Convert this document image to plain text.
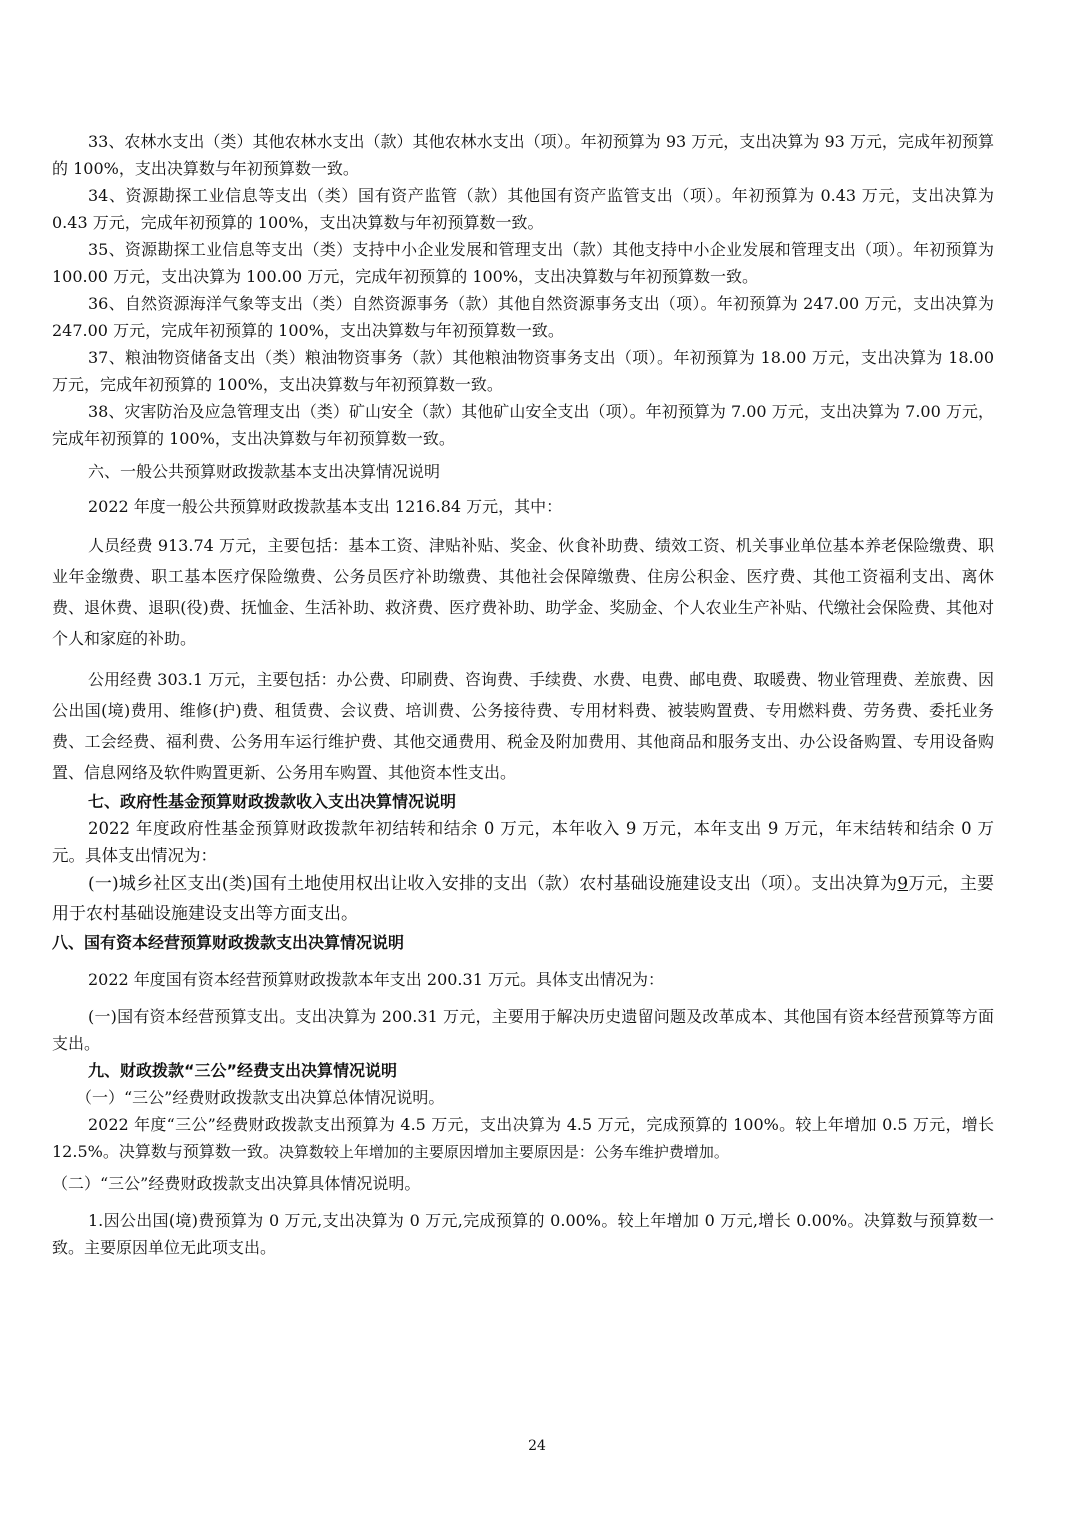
33、农林水支出（类）其他农林水支出（款）其他农林水支出（项）。年初预算为 93 万元，支出决算为 93 万元，完成年初预算的 100%，支出决算数与年初预算数一致。

34、资源勘探工业信息等支出（类）国有资产监管（款）其他国有资产监管支出（项）。年初预算为 0.43 万元，支出决算为 0.43 万元，完成年初预算的 100%，支出决算数与年初预算数一致。

35、资源勘探工业信息等支出（类）支持中小企业发展和管理支出（款）其他支持中小企业发展和管理支出（项）。年初预算为 100.00 万元，支出决算为 100.00 万元，完成年初预算的 100%，支出决算数与年初预算数一致。

36、自然资源海洋气象等支出（类）自然资源事务（款）其他自然资源事务支出（项）。年初预算为 247.00 万元，支出决算为 247.00 万元，完成年初预算的 100%，支出决算数与年初预算数一致。

37、粮油物资储备支出（类）粮油物资事务（款）其他粮油物资事务支出（项）。年初预算为 18.00 万元，支出决算为 18.00 万元，完成年初预算的 100%，支出决算数与年初预算数一致。

38、灾害防治及应急管理支出（类）矿山安全（款）其他矿山安全支出（项）。年初预算为 7.00 万元，支出决算为 7.00 万元，完成年初预算的 100%，支出决算数与年初预算数一致。

六、一般公共预算财政拨款基本支出决算情况说明

2022 年度一般公共预算财政拨款基本支出 1216.84 万元，其中：

人员经费 913.74 万元，主要包括：基本工资、津贴补贴、奖金、伙食补助费、绩效工资、机关事业单位基本养老保险缴费、职业年金缴费、职工基本医疗保险缴费、公务员医疗补助缴费、其他社会保障缴费、住房公积金、医疗费、其他工资福利支出、离休费、退休费、退职(役)费、抚恤金、生活补助、救济费、医疗费补助、助学金、奖励金、个人农业生产补贴、代缴社会保险费、其他对个人和家庭的补助。

公用经费 303.1 万元，主要包括：办公费、印刷费、咨询费、手续费、水费、电费、邮电费、取暖费、物业管理费、差旅费、因公出国(境)费用、维修(护)费、租赁费、会议费、培训费、公务接待费、专用材料费、被装购置费、专用燃料费、劳务费、委托业务费、工会经费、福利费、公务用车运行维护费、其他交通费用、税金及附加费用、其他商品和服务支出、办公设备购置、专用设备购置、信息网络及软件购置更新、公务用车购置、其他资本性支出。

七、政府性基金预算财政拨款收入支出决算情况说明

2022 年度政府性基金预算财政拨款年初结转和结余 0 万元，本年收入 9 万元，本年支出 9 万元，年末结转和结余 0 万元。具体支出情况为：

(一)城乡社区支出(类)国有土地使用权出让收入安排的支出（款）农村基础设施建设支出（项）。支出决算为9万元，主要用于农村基础设施建设支出等方面支出。

八、国有资本经营预算财政拨款支出决算情况说明

2022 年度国有资本经营预算财政拨款本年支出 200.31 万元。具体支出情况为：

(一)国有资本经营预算支出。支出决算为 200.31 万元，主要用于解决历史遗留问题及改革成本、其他国有资本经营预算等方面支出。

九、财政拨款“三公”经费支出决算情况说明

（一）“三公”经费财政拨款支出决算总体情况说明。

2022 年度“三公”经费财政拨款支出预算为 4.5 万元，支出决算为 4.5 万元，完成预算的 100%。较上年增加 0.5 万元，增长 12.5%。决算数与预算数一致。决算数较上年增加的主要原因增加主要原因是：公务车维护费增加。

（二）“三公”经费财政拨款支出决算具体情况说明。

1.因公出国(境)费预算为 0 万元,支出决算为 0 万元,完成预算的 0.00%。较上年增加 0 万元,增长 0.00%。决算数与预算数一致。主要原因单位无此项支出。

24
